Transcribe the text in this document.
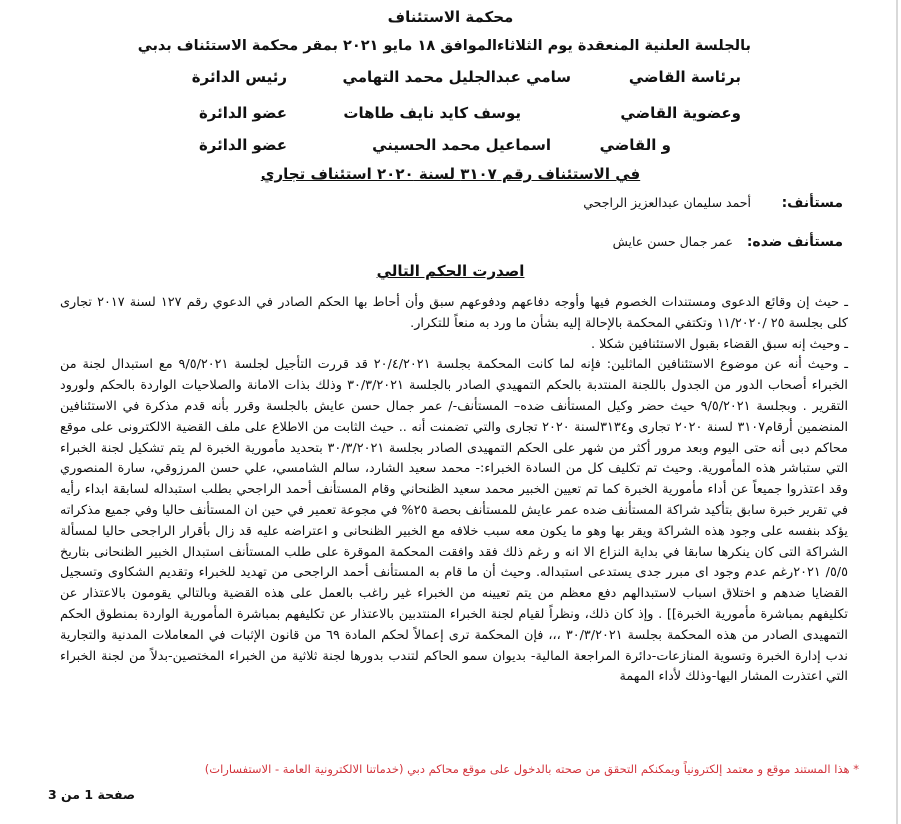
محكمة الاستئناف
بالجلسة العلنية المنعقدة يوم الثلاثاءالموافق ١٨ مايو ٢٠٢١ بمقر محكمة الاستئناف بدبي
برئاسة القاضي
سامي عبدالجليل محمد التهامي
رئيس الدائرة
وعضوية القاضي
يوسف كايد نايف طاهات
عضو الدائرة
و القاضي
اسماعيل محمد الحسيني
عضو الدائرة
في الاستئناف رقم ٣١٠٧ لسنة ٢٠٢٠ استئناف تجاري
مستأنف:
أحمد سليمان عبدالعزيز الراجحي
مستأنف ضده:
عمر جمال حسن عايش
اصدرت الحكم التالي

ـ حيث إن وقائع الدعوى ومستندات الخصوم فيها وأوجه دفاعهم ودفوعهم سبق وأن أحاط بها الحكم الصادر في الدعوي رقم ١٢٧ لسنة ٢٠١٧ تجارى كلى بجلسة ٢٥ /١١/٢٠٢٠ وتكتفي المحكمة بالإحالة إليه بشأن ما ورد به منعاً للتكرار.

ـ وحيث إنه سبق القضاء بقبول الاستئنافين شكلا .

ـ وحيث أنه عن موضوع الاستئنافين الماثلين: فإنه لما كانت المحكمة بجلسة ٢٠/٤/٢٠٢١ قد قررت التأجيل لجلسة ٩/٥/٢٠٢١ مع استبدال لجنة من الخبراء أصحاب الدور من الجدول باللجنة المنتدبة بالحكم التمهيدي الصادر بالجلسة ٣٠/٣/٢٠٢١ وذلك بذات الامانة والصلاحيات الواردة بالحكم ولورود التقرير . وبجلسة ٩/٥/٢٠٢١ حيث حضر وكيل المستأنف ضده– المستأنف-/ عمر جمال حسن عايش بالجلسة وقرر بأنه قدم مذكرة في الاستئنافين المنضمين أرقام٣١٠٧ لسنة ٢٠٢٠ تجارى و٣١٣٤لسنة ٢٠٢٠ تجارى والتي تضمنت أنه .. حيث الثابت من الاطلاع على ملف القضية الالكترونى على موقع محاكم دبى أنه حتى اليوم وبعد مرور أكثر من شهر على الحكم التمهيدى الصادر بجلسة ٣٠/٣/٢٠٢١ بتحديد مأمورية الخبرة لم يتم تشكيل لجنة الخبراء التي ستباشر هذه المأمورية. وحيث تم تكليف كل من السادة الخبراء:- محمد سعيد الشارد، سالم الشامسي، علي حسن المرزوقي، سارة المنصوري وقد اعتذروا جميعاً عن أداء مأمورية الخبرة كما تم تعيين الخبير محمد سعيد الظنحاني وقام المستأنف أحمد الراجحي بطلب استبداله لسابقة ابداء رأيه في تقرير خبرة سابق بتأكيد شراكة المستأنف ضده عمر عايش للمستأنف بحصة ٢٥% في مجوعة تعمير في حين ان المستأنف حاليا وفي جميع مذكراته يؤكد بنفسه على وجود هذه الشراكة ويقر بها وهو ما يكون معه سبب خلافه مع الخبير الظنحانى و اعتراضه عليه قد زال بأقرار الراجحى حاليا لمسألة الشراكة التى كان ينكرها سابقا في بداية النزاع الا انه و رغم ذلك فقد وافقت المحكمة الموقرة على طلب المستأنف استبدال الخبير الظنحانى بتاريخ ٥/٥/ ٢٠٢١رغم عدم وجود اى مبرر جدى يستدعى استبداله. وحيث أن ما قام به المستأنف أحمد الراجحى من تهديد للخبراء وتقديم الشكاوى وتسجيل القضايا ضدهم و اختلاق اسباب لاستبدالهم دفع معظم من يتم تعيينه من الخبراء غير راغب بالعمل على هذه القضية وبالتالي يقومون بالاعتذار عن تكليفهم بمباشرة مأمورية الخبرة‎]] . وإذ كان ذلك، ونظراً لقيام لجنة الخبراء المنتدبين بالاعتذار عن تكليفهم بمباشرة المأمورية الواردة بمنطوق الحكم التمهيدى الصادر من هذه المحكمة بجلسة ٣٠/٣/٢٠٢١ ،،، فإن المحكمة ترى إعمالاً لحكم المادة ٦٩ من قانون الإثبات في المعاملات المدنية والتجارية ندب إدارة الخبرة وتسوية المنازعات-دائرة المراجعة المالية- بديوان سمو الحاكم لتندب بدورها لجنة ثلاثية من الخبراء المختصين-بدلاً من لجنة الخبراء التي اعتذرت المشار اليها-وذلك لأداء المهمة

* هذا المستند موقع و معتمد إلكترونياً ويمكنكم التحقق من صحته بالدخول على موقع محاكم دبي (خدماتنا الالكترونية العامة - الاستفسارات)
صفحة 1 من 3
